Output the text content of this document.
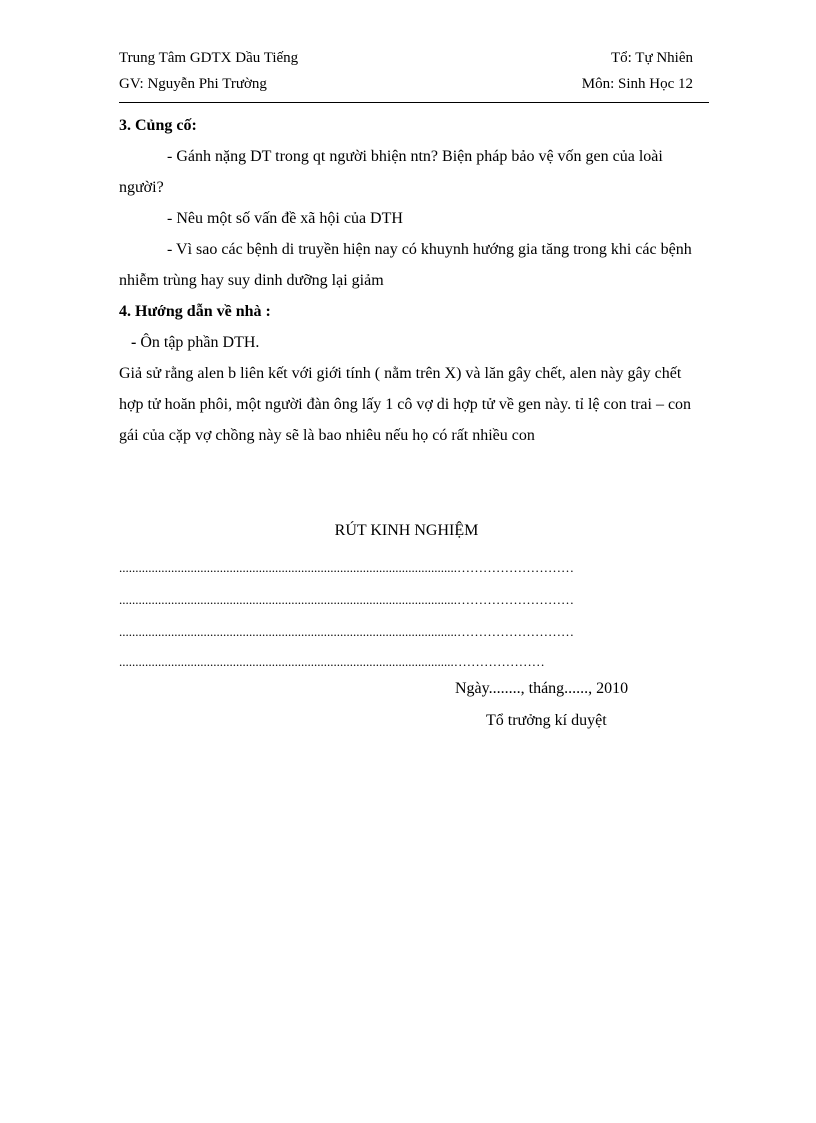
Trung Tâm GDTX Dầu Tiếng	Tổ: Tự Nhiên
GV: Nguyễn Phi Trường	Môn: Sinh Học 12

3. Củng cố:

- Gánh nặng DT trong qt người bhiện ntn? Biện pháp bảo vệ vốn gen của loài người?

- Nêu một số vấn đề xã hội của DTH

- Vì sao các bệnh di truyền hiện nay có khuynh hướng gia tăng trong khi các bệnh nhiễm trùng hay suy dinh dưỡng lại giảm

4. Hướng dẫn về nhà :

- Ôn tập phần DTH.

Giả sử rằng alen b liên kết với giới tính ( nằm trên X) và lăn gây chết, alen này gây chết hợp tử hoăn phôi, một người đàn ông lấy 1 cô vợ di hợp tử về gen này. tỉ lệ con trai – con gái của cặp vợ chồng này sẽ là bao nhiêu nếu họ có rất nhiều con

RÚT KINH NGHIỆM
........................................................................................................………………………
........................................................................................................………………………
........................................................................................................………………………
.......................................................................................................…………………
Ngày........, tháng......, 2010
Tổ trưởng kí duyệt
